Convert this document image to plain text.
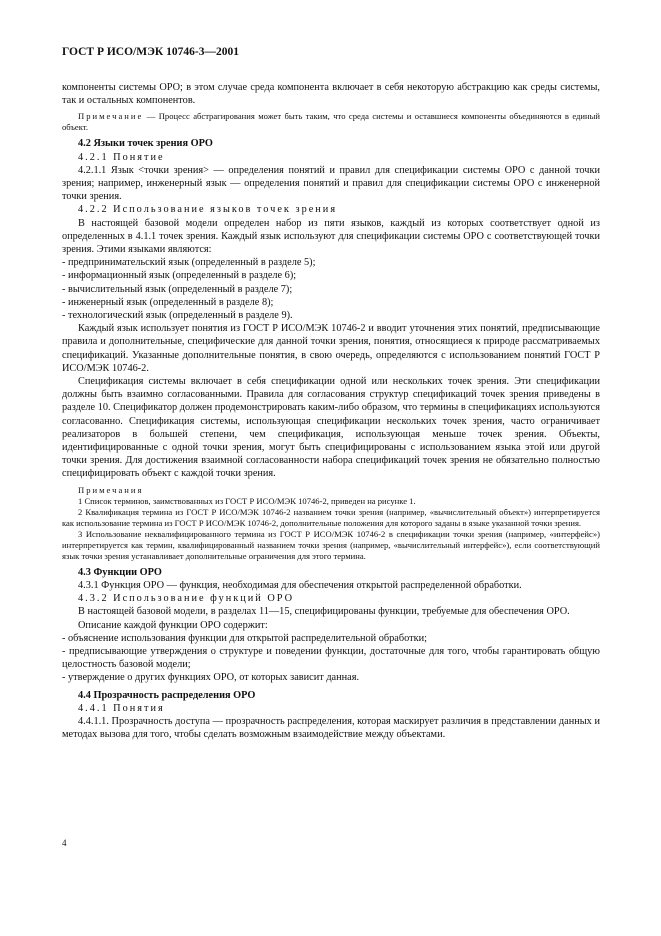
ГОСТ Р ИСО/МЭК 10746-3—2001

компоненты системы ОРО; в этом случае среда компонента включает в себя некоторую абстракцию как среды системы, так и остальных компонентов.

Примечание — Процесс абстрагирования может быть таким, что среда системы и оставшиеся компоненты объединяются в единый объект.

4.2 Языки точек зрения ОРО

4.2.1 Понятие

4.2.1.1 Язык <точки зрения> — определения понятий и правил для спецификации системы ОРО с данной точки зрения; например, инженерный язык — определения понятий и правил для спецификации системы ОРО с инженерной точки зрения.

4.2.2 Использование языков точек зрения

В настоящей базовой модели определен набор из пяти языков, каждый из которых соответствует одной из определенных в 4.1.1 точек зрения. Каждый язык используют для спецификации системы ОРО с соответствующей точки зрения. Этими языками являются:

- предпринимательский язык (определенный в разделе 5);

- информационный язык (определенный в разделе 6);

- вычислительный язык (определенный в разделе 7);

- инженерный язык (определенный в разделе 8);

- технологический язык (определенный в разделе 9).

Каждый язык использует понятия из ГОСТ Р ИСО/МЭК 10746-2 и вводит уточнения этих понятий, предписывающие правила и дополнительные, специфические для данной точки зрения, понятия, относящиеся к природе рассматриваемых спецификаций. Указанные дополнительные понятия, в свою очередь, определяются с использованием понятий ГОСТ Р ИСО/МЭК 10746-2.

Спецификация системы включает в себя спецификации одной или нескольких точек зрения. Эти спецификации должны быть взаимно согласованными. Правила для согласования структур спецификаций точек зрения приведены в разделе 10. Спецификатор должен продемонстрировать каким-либо образом, что термины в спецификациях используются согласованно. Спецификация системы, использующая спецификации нескольких точек зрения, часто ограничивает реализаторов в большей степени, чем спецификация, использующая меньше точек зрения. Объекты, идентифицированные с одной точки зрения, могут быть специфицированы с использованием языка этой или другой точки зрения. Для достижения взаимной согласованности набора спецификаций точек зрения не обязательно полностью специфицировать объект с каждой точки зрения.

Примечания

1 Список терминов, заимствованных из ГОСТ Р ИСО/МЭК 10746-2, приведен на рисунке 1.

2 Квалификация термина из ГОСТ Р ИСО/МЭК 10746-2 названием точки зрения (например, «вычислительный объект») интерпретируется как использование термина из ГОСТ Р ИСО/МЭК 10746-2, дополнительные положения для которого заданы в языке указанной точки зрения.

3 Использование неквалифицированного термина из ГОСТ Р ИСО/МЭК 10746-2 в спецификации точки зрения (например, «интерфейс») интерпретируется как термин, квалифицированный названием точки зрения (например, «вычислительный интерфейс»), если соответствующий язык точки зрения устанавливает дополнительные ограничения для этого термина.

4.3 Функции ОРО

4.3.1 Функция ОРО — функция, необходимая для обеспечения открытой распределенной обработки.

4.3.2 Использование функций ОРО

В настоящей базовой модели, в разделах 11—15, специфицированы функции, требуемые для обеспечения ОРО.

Описание каждой функции ОРО содержит:

- объяснение использования функции для открытой распределительной обработки;

- предписывающие утверждения о структуре и поведении функции, достаточные для того, чтобы гарантировать общую целостность базовой модели;

- утверждение о других функциях ОРО, от которых зависит данная.

4.4 Прозрачность распределения ОРО

4.4.1 Понятия

4.4.1.1. Прозрачность доступа — прозрачность распределения, которая маскирует различия в представлении данных и методах вызова для того, чтобы сделать возможным взаимодействие между объектами.

4
